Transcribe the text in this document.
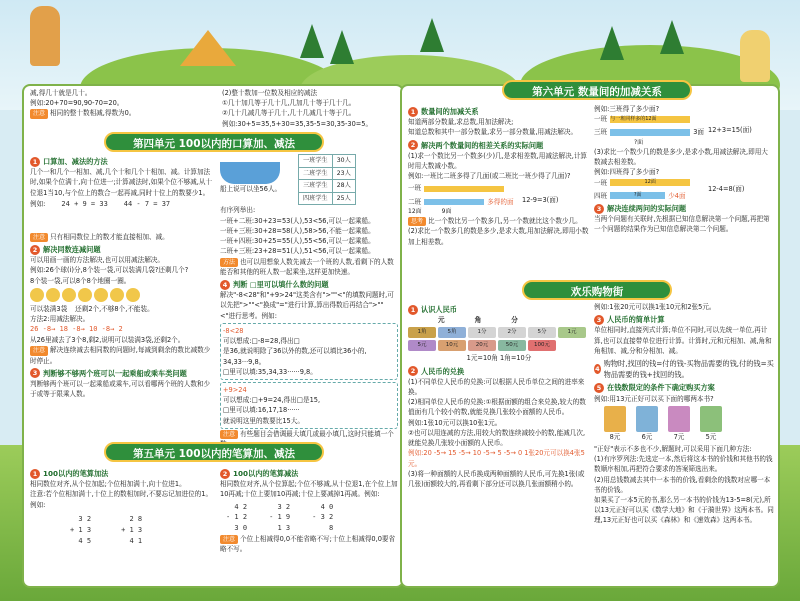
减,得几十就是几十。
例如:20+70=90,90-70=20。
注意 相同的整十数相减,得数为0。
(2)整十数加一位数及相应的减法
①几十加几等于几十几,几加几十等于几十几。
②几十几减几等于几十,几十几减几十等于几。
例如:30+5=35,5+30=35,35-5=30,35-30=5。
第四单元 100以内的口算加、减法
1 口算加、减法的方法
几个一和几个一相加、减,几个十和几个十相加、减。计算加法时,如果个位满十,向十位进一;计算减法时,如果个位不够减,从十位退1当10,与个位上的数合一起再减,同时十位上的数要少1。
例如: 24 + 9 = 33 44 - 7 = 37
注意 只有相同数位上的数才能直接相加、减。
2 解决同数连减问题
可以用画一画的方法解决,也可以用减法解决。
例如:26个球(i)分,8个装一袋,可以装满几袋?还剩几个?
8个装一袋,可以8个8个地圈一圈。
可以装满3袋 还剩2个,不够8个,不能装。
方法2:用减法解决。
26 -8→ 18 -8→ 10 -8→ 2
从26里减去了3个8,剩2,说明可以装满3袋,还剩2个。
注意 解决连续减去相同数的问题时,每减到剩余的数比减数少时停止。
3 判断够不够两个班可以一起乘船或乘车类问题
判断够两个班可以一起乘船或乘车,可以看哪两个班的人数和少于或等于限乘人数。
船上说可以坐56人。
一班学生	30人
二班学生	23人
三班学生	28人
四班学生	25人
有序列举出:
一班+二班:30+23=53(人),53<56,可以一起乘船。
一班+三班:30+28=58(人),58>56,不能一起乘船。
一班+四班:30+25=55(人),55<56,可以一起乘船。
二班+三班:23+28=51(人),51<56,可以一起乘船。
方法 也可以用想象人数先减去一个班的人数,看剩下的人数能否和其他的班人数一起乘坐,这样更加快速。
4 判断 □里可以填什么数的问题
解决"-8<28"和"+9>24"这类含有">""<"的填数问题时,可以先把">""<"换成"="进行计算,算出得数后再结合">""<"进行思考。例如:
-8<28
可以想成:□-8=28,得出□
是36,就说明除了36以外的数,还可以填比36小的,
34,33···9,8。
□里可以填:35,34,33······9,8。
+9>24
可以想成:□+9=24,得出□是15,
□里可以填:16,17,18······
就说明这里的数要比15大。
注意 有些题目会借调最大填几或最小填几,这时只能填一个
第五单元 100以内的笔算加、减法
1 100以内的笔算加法
相同数位对齐,从个位加起;个位相加满十,向十位进1。
注意:若个位相加满十,十位上的数相加时,不要忘记加进位的1。例如:
3 2
+ 1 3
4 5
2 8
+ 1 3
4 1
2 100以内的笔算减法
相同数位对齐,从个位算起;个位不够减,从十位退1,在个位上加10再减;十位上要加10再减;十位上要减掉1再减。例如:
4 2
- 1 2
3 0
3 2
- 1 9
1 3
4 0
- 3 2
8
注意 个位上相减得0,0不能省略不写;十位上相减得0,0要省略不写。
第六单元 数量间的加减关系
1 数量间的加减关系
知道两部分数量,求总数,用加法解决;
知道总数和其中一部分数量,求另一部分数量,用减法解决。
2 解决两个数量间的相差关系的实际问题
(1)求一个数比另一个数多(少)几,是求相差数,用减法解决,计算时用大数减小数。
例如:一班比二班多得了几面(或二班比一班少得了几面)?
一班
二班	多得的面
12面	9面
12-9=3(面)
思考 比一个数比另一个数多几,另一个数就比这个数少几。
(2)求比一个数多几的数是多少,是求大数,用加法解决,即用小数加上相差数。
例如:三班得了多少面?
一班 与一班同样多的12面
三班	3面
?面
12+3=15(面)
(3)求比一个数少几的数是多少,是求小数,用减法解决,即用大数减去相差数。
例如:四班得了多少面?
一班	12面
四班	?面	少4面
12-4=8(面)
3 解决连续两问的实际问题
当两个问题有关联时,先根据已知信息解决第一个问题,再把第一个问题的结果作为已知信息解决第二个问题。
欢乐购物街
1 认识人民币
元	角	分
1角	5角	1分	2分	5分	1元
5元	10元	20元	50元	100元
1元=10角 1角=10分
2 人民币的兑换
(1)不同单位人民币的兑换:可以根据人民币单位之间的进率来换。
(2)相同单位人民币的兑换:①根据面额的组合来兑换,较大的数值面有几个较小的数,就能兑换几张较小面额的人民币。
例如:1张10元可以换10张1元。
②也可以用连减的方法,用较大的数连续减较小的数,能减几次,就能兑换几张较小面额的人民币。
例如:20 -5→ 15 -5→ 10 -5→ 5 -5→ 0 1张20元可以换4张5元。
(3)将一种面额的人民币换成两种面额的人民币,可先换1张(或几张)面额较大的,再看剩下部分还可以换几张面额稍小的。
例如:1张20元可以换1张10元和2张5元。
3 人民币的简单计算
单位相同时,直接列式计算;单位不同时,可以先统一单位,再计算,也可以直接带单位进行计算。计算时,元和元相加、减,角和角相加、减,分和分相加、减。
4
购物时,找回的钱=付的钱-买物品需要的钱,付的钱=买物品需要的钱+找回的钱。
5 在钱数限定的条件下确定购买方案
例如:用13元正好可以买下面的哪两本书?
8元	6元	7元	5元
"正好"表示不多也不少,解题时,可以采用下面几种方法:
(1)有序罗列法:先选定一本,然后将这本书的价钱和其他书的钱数顺序相加,再把符合要求的答案筛选出来。
(2)用总钱数减去其中一本书的价钱,看剩余的钱数对应哪一本书的价钱。
如果买了一本5元的书,那么另一本书的价钱为13-5=8(元),所以13元正好可以买《数学大地》和《于漪世界》这两本书。同理,13元正好也可以买《森林》和《速效森》这两本书。
